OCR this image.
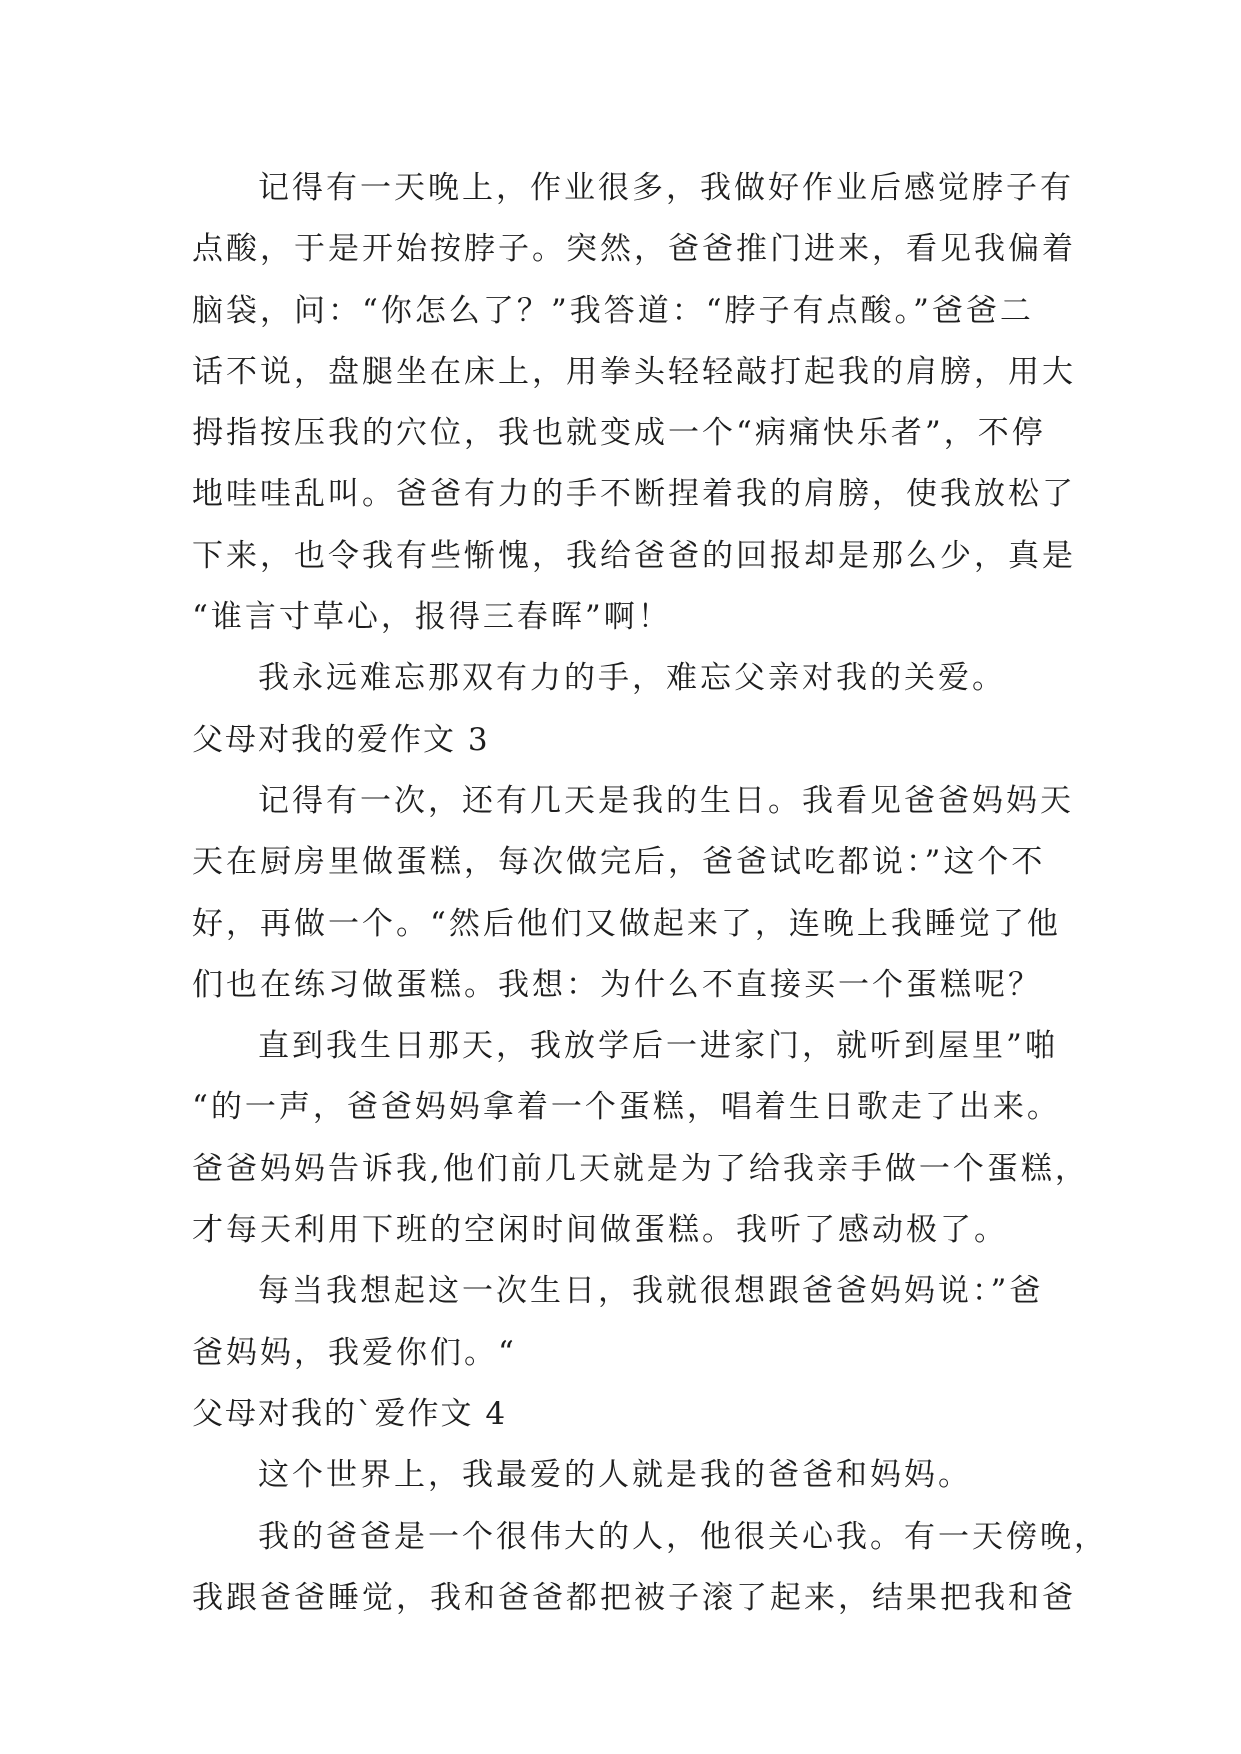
记得有一天晚上，作业很多，我做好作业后感觉脖子有
点酸，于是开始按脖子。突然，爸爸推门进来，看见我偏着
脑袋，问：“你怎么了？”我答道：“脖子有点酸。”爸爸二
话不说，盘腿坐在床上，用拳头轻轻敲打起我的肩膀，用大
拇指按压我的穴位，我也就变成一个“病痛快乐者”，不停
地哇哇乱叫。爸爸有力的手不断捏着我的肩膀，使我放松了
下来，也令我有些惭愧，我给爸爸的回报却是那么少，真是
“谁言寸草心，报得三春晖”啊！
我永远难忘那双有力的手，难忘父亲对我的关爱。
父母对我的爱作文 3
记得有一次，还有几天是我的生日。我看见爸爸妈妈天
天在厨房里做蛋糕，每次做完后，爸爸试吃都说：”这个不
好，再做一个。“然后他们又做起来了，连晚上我睡觉了他
们也在练习做蛋糕。我想：为什么不直接买一个蛋糕呢？
直到我生日那天，我放学后一进家门，就听到屋里”啪
“的一声，爸爸妈妈拿着一个蛋糕，唱着生日歌走了出来。
爸爸妈妈告诉我,他们前几天就是为了给我亲手做一个蛋糕，
才每天利用下班的空闲时间做蛋糕。我听了感动极了。
每当我想起这一次生日，我就很想跟爸爸妈妈说：”爸
爸妈妈，我爱你们。“
父母对我的`爱作文 4
这个世界上，我最爱的人就是我的爸爸和妈妈。
我的爸爸是一个很伟大的人，他很关心我。有一天傍晚，
我跟爸爸睡觉，我和爸爸都把被子滚了起来，结果把我和爸
